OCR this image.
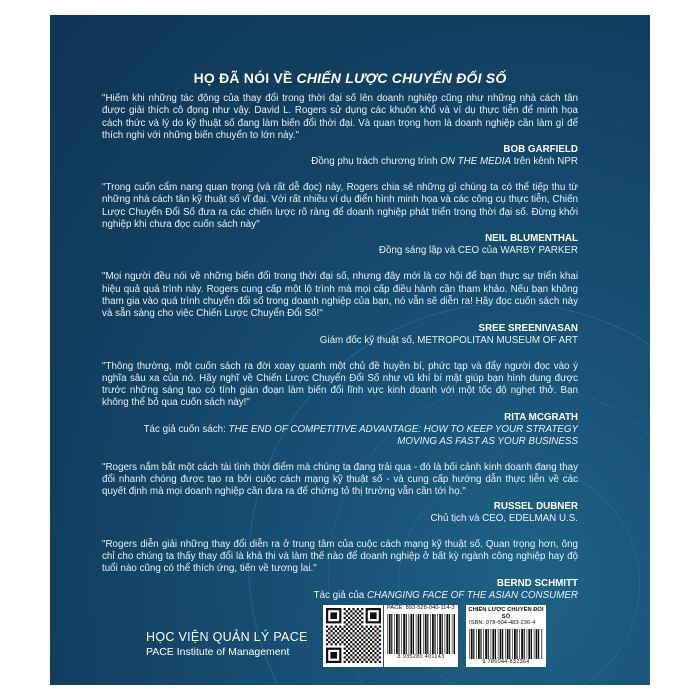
HỌ ĐÃ NÓI VỀ CHIẾN LƯỢC CHUYỂN ĐỔI SỐ

"Hiếm khi những tác động của thay đổi trong thời đại số lên doanh nghiệp cũng như những nhà cách tân được giải thích cô đọng như vậy. David L. Rogers sử dụng các khuôn khổ và ví dụ thực tiễn để minh họa cách thức và lý do kỹ thuật số đang làm biến đổi thời đại. Và quan trọng hơn là doanh nghiệp cần làm gì để thích nghi với những biến chuyển to lớn này."

BOB GARFIELD

Đồng phụ trách chương trình ON THE MEDIA trên kênh NPR

"Trong cuốn cẩm nang quan trọng (và rất dễ đọc) này, Rogers chia sẻ những gì chúng ta có thể tiếp thu từ những nhà cách tân kỹ thuật số vĩ đại. Với rất nhiều ví dụ điển hình minh họa và các công cụ thực tiễn, Chiến Lược Chuyển Đổi Số đưa ra các chiến lược rõ ràng để doanh nghiệp phát triển trong thời đại số. Đừng khởi nghiệp khi chưa đọc cuốn sách này"

NEIL BLUMENTHAL

Đồng sáng lập và CEO của WARBY PARKER

"Mọi người đều nói về những biến đổi trong thời đại số, nhưng đây mới là cơ hội để bạn thực sự triển khai hiệu quả quá trình này. Rogers cung cấp một lộ trình mà mọi cấp điều hành cần tham khảo. Nếu bạn không tham gia vào quá trình chuyển đổi số trong doanh nghiệp của bạn, nó vẫn sẽ diễn ra! Hãy đọc cuốn sách này và sẵn sàng cho việc Chiến Lược Chuyển Đổi Số!"

SREE SREENIVASAN

Giám đốc kỹ thuật số, METROPOLITAN MUSEUM OF ART

"Thông thường, một cuốn sách ra đời xoay quanh một chủ đề huyền bí, phức tạp và đẩy người đọc vào ý nghĩa sâu xa của nó. Hãy nghĩ về Chiến Lược Chuyển Đổi Số như vũ khí bí mật giúp bạn hình dung được trước những sáng tạo có tính gián đoạn làm biến đổi lĩnh vực kinh doanh với một tốc độ nghẹt thở. Bạn không thể bỏ qua cuốn sách này!"

RITA MCGRATH

Tác giả cuốn sách: THE END OF COMPETITIVE ADVANTAGE: HOW TO KEEP YOUR STRATEGY MOVING AS FAST AS YOUR BUSINESS

"Rogers nắm bắt một cách tài tình thời điểm mà chúng ta đang trải qua - đó là bối cảnh kinh doanh đang thay đổi nhanh chóng được tạo ra bởi cuộc cách mạng kỹ thuật số - và cung cấp hướng dẫn thực tiễn về các quyết định mà mọi doanh nghiệp cần đưa ra để chứng tỏ thị trường vẫn cần tới họ."

RUSSEL DUBNER

Chủ tịch và CEO, EDELMAN U.S.

"Rogers diễn giải những thay đổi diễn ra ở trung tâm của cuộc cách mạng kỹ thuật số. Quan trọng hơn, ông chỉ cho chúng ta thấy thay đổi là khả thi và làm thế nào để doanh nghiệp ở bất kỳ ngành công nghiệp hay độ tuổi nào cũng có thể thích ứng, tiến về tương lai."

BERND SCHMITT

Tác giả của CHANGING FACE OF THE ASIAN CONSUMER

HỌC VIỆN QUẢN LÝ PACE

PACE Institute of Management

PACE: 893-528-040-114-3

8 935280 401143

CHIẾN LƯỢC CHUYỂN ĐỔI SỐ

ISBN: 978-604-483-236-4

9 786044 832364
